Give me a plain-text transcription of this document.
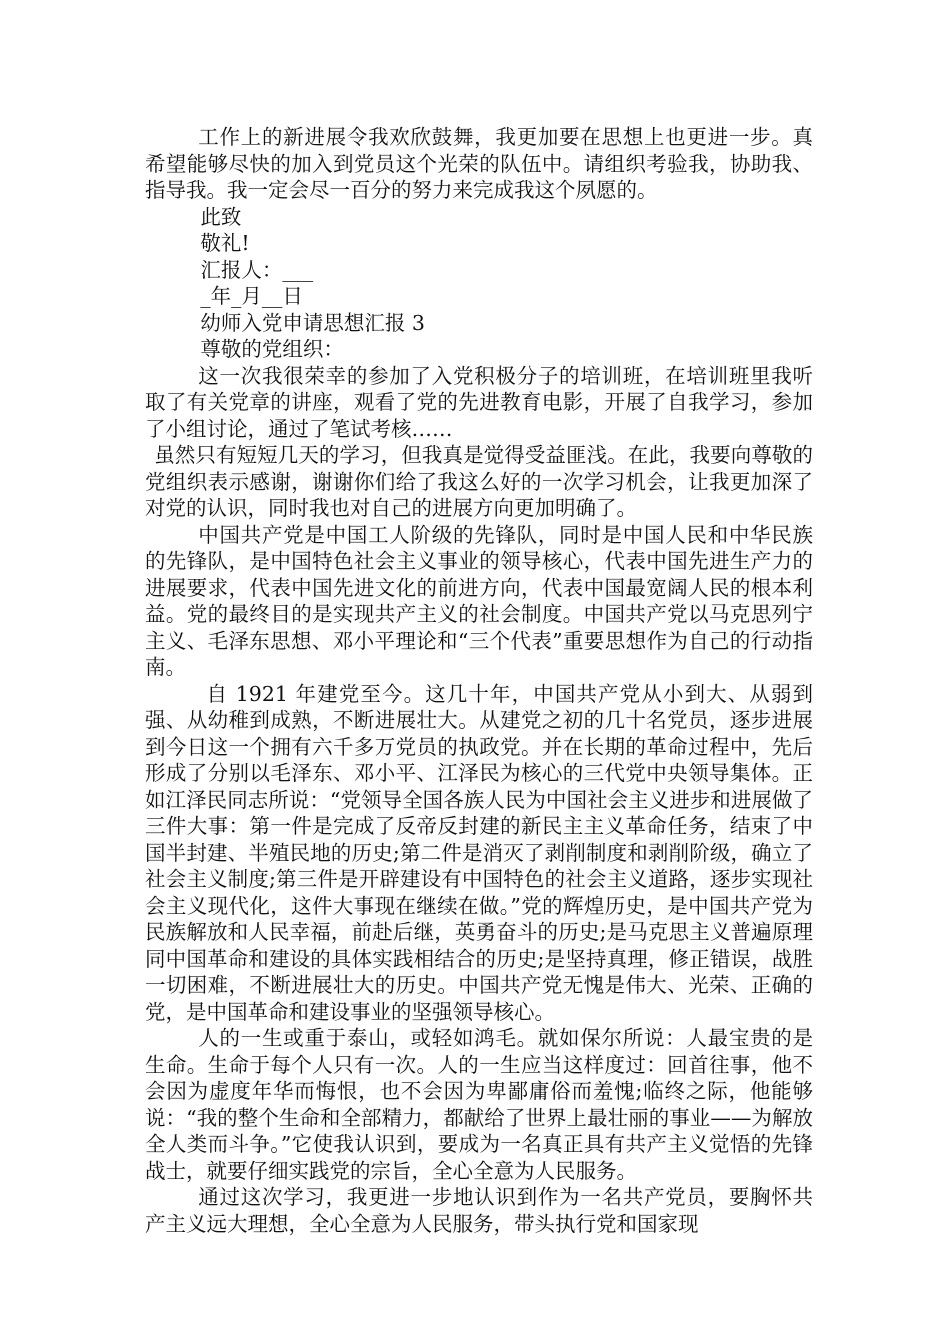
工作上的新进展令我欢欣鼓舞，我更加要在思想上也更进一步。真希望能够尽快的加入到党员这个光荣的队伍中。请组织考验我，协助我、指导我。我一定会尽一百分的努力来完成我这个夙愿的。

此致

敬礼!

汇报人：___

_年_月__日

幼师入党申请思想汇报 3

尊敬的党组织：

这一次我很荣幸的参加了入党积极分子的培训班，在培训班里我听取了有关党章的讲座，观看了党的先进教育电影，开展了自我学习，参加了小组讨论，通过了笔试考核……

虽然只有短短几天的学习，但我真是觉得受益匪浅。在此，我要向尊敬的党组织表示感谢，谢谢你们给了我这么好的一次学习机会，让我更加深了对党的认识，同时我也对自己的进展方向更加明确了。

中国共产党是中国工人阶级的先锋队，同时是中国人民和中华民族的先锋队，是中国特色社会主义事业的领导核心，代表中国先进生产力的进展要求，代表中国先进文化的前进方向，代表中国最宽阔人民的根本利益。党的最终目的是实现共产主义的社会制度。中国共产党以马克思列宁主义、毛泽东思想、邓小平理论和“三个代表”重要思想作为自己的行动指南。

自 1921 年建党至今。这几十年，中国共产党从小到大、从弱到强、从幼稚到成熟，不断进展壮大。从建党之初的几十名党员，逐步进展到今日这一个拥有六千多万党员的执政党。并在长期的革命过程中，先后形成了分别以毛泽东、邓小平、江泽民为核心的三代党中央领导集体。正如江泽民同志所说：“党领导全国各族人民为中国社会主义进步和进展做了三件大事：第一件是完成了反帝反封建的新民主主义革命任务，结束了中国半封建、半殖民地的历史;第二件是消灭了剥削制度和剥削阶级，确立了社会主义制度;第三件是开辟建设有中国特色的社会主义道路，逐步实现社会主义现代化，这件大事现在继续在做。”党的辉煌历史，是中国共产党为民族解放和人民幸福，前赴后继，英勇奋斗的历史;是马克思主义普遍原理同中国革命和建设的具体实践相结合的历史;是坚持真理，修正错误，战胜一切困难，不断进展壮大的历史。中国共产党无愧是伟大、光荣、正确的党，是中国革命和建设事业的坚强领导核心。

人的一生或重于泰山，或轻如鸿毛。就如保尔所说：人最宝贵的是生命。生命于每个人只有一次。人的一生应当这样度过：回首往事，他不会因为虚度年华而悔恨，也不会因为卑鄙庸俗而羞愧;临终之际，他能够说：“我的整个生命和全部精力，都献给了世界上最壮丽的事业——为解放全人类而斗争。”它使我认识到，要成为一名真正具有共产主义觉悟的先锋战士，就要仔细实践党的宗旨，全心全意为人民服务。

通过这次学习，我更进一步地认识到作为一名共产党员，要胸怀共产主义远大理想，全心全意为人民服务，带头执行党和国家现
